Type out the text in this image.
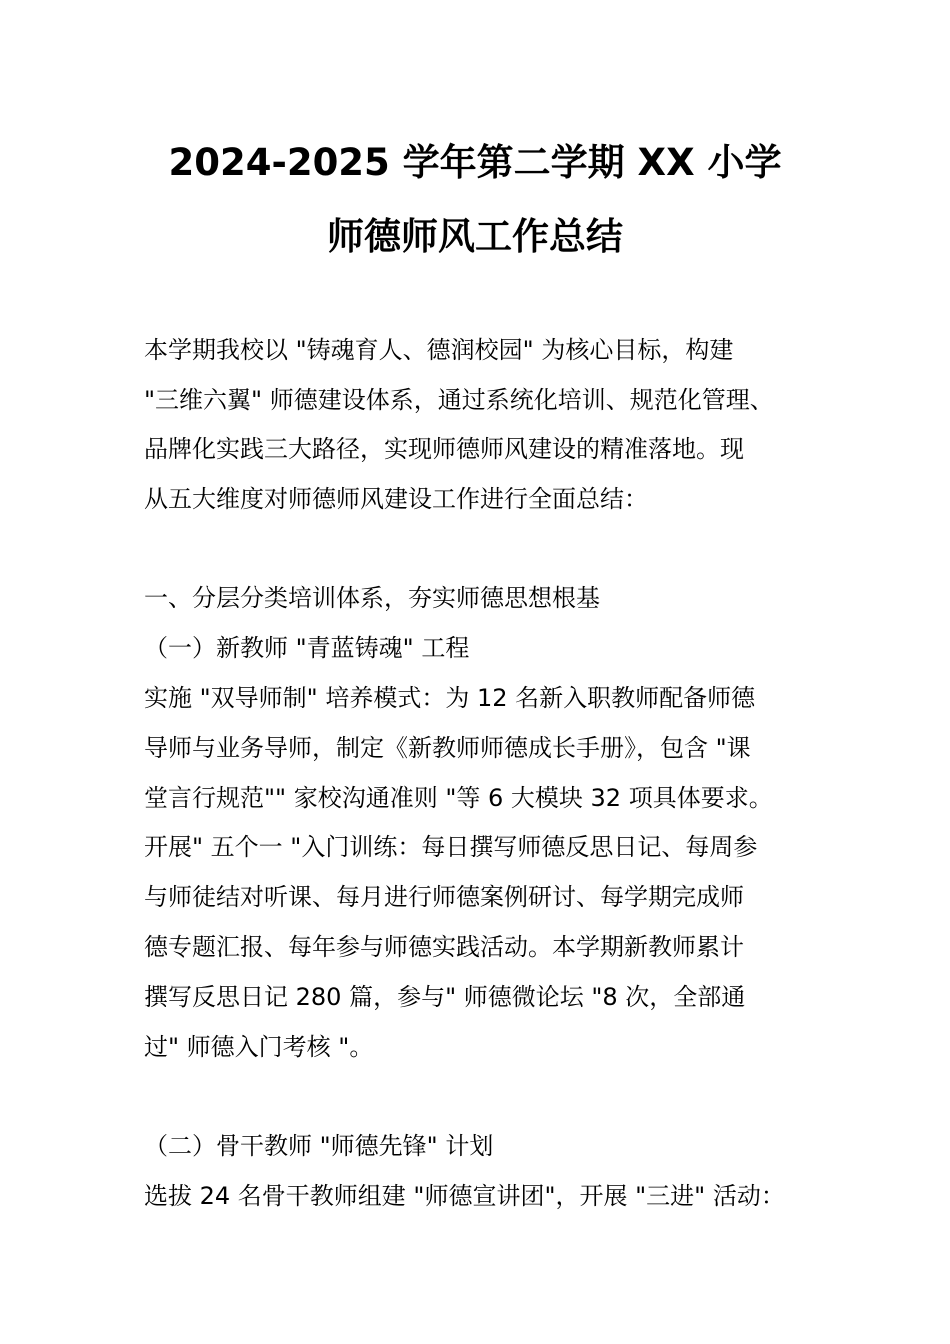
2024-2025 学年第二学期 XX 小学
师德师风工作总结
本学期我校以 "铸魂育人、德润校园" 为核心目标，构建
"三维六翼" 师德建设体系，通过系统化培训、规范化管理、
品牌化实践三大路径，实现师德师风建设的精准落地。现
从五大维度对师德师风建设工作进行全面总结：
一、分层分类培训体系，夯实师德思想根基
（一）新教师 "青蓝铸魂" 工程
实施 "双导师制" 培养模式：为 12 名新入职教师配备师德
导师与业务导师，制定《新教师师德成长手册》，包含 "课
堂言行规范"" 家校沟通准则 "等 6 大模块 32 项具体要求。
开展" 五个一 "入门训练：每日撰写师德反思日记、每周参
与师徒结对听课、每月进行师德案例研讨、每学期完成师
德专题汇报、每年参与师德实践活动。本学期新教师累计
撰写反思日记 280 篇，参与" 师德微论坛 "8 次，全部通
过" 师德入门考核 "。
（二）骨干教师 "师德先锋" 计划
选拔 24 名骨干教师组建 "师德宣讲团"，开展 "三进" 活动：
